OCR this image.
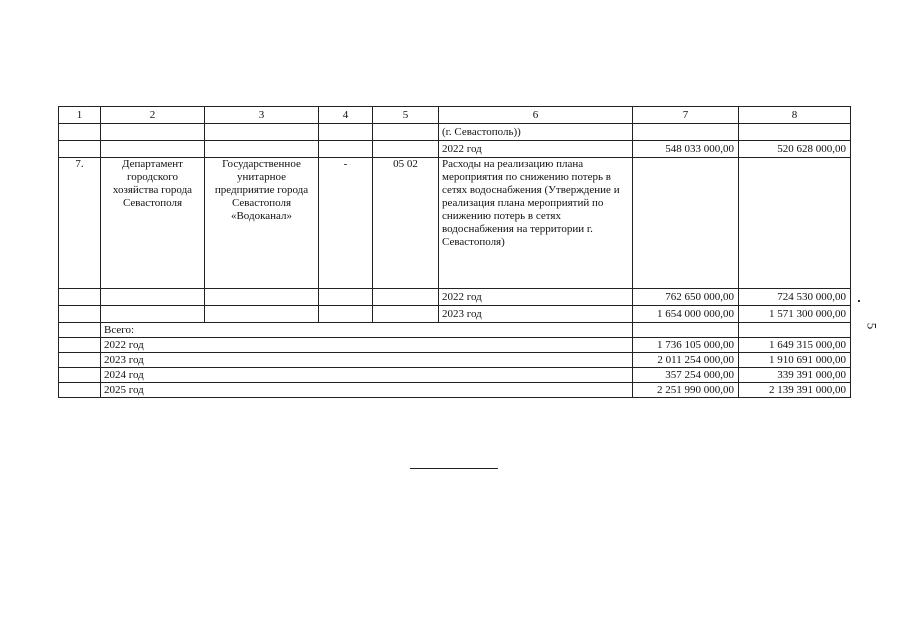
1	2	3	4	5	6	7	8
					(г. Севастополь))		
					2022 год	548 033 000,00	520 628 000,00
7.	Департамент городского хозяйства города Севастополя	Государственное унитарное предприятие города Севастополя «Водоканал»	-	05 02	Расходы на реализацию плана мероприятия по снижению потерь в сетях водоснабжения (Утверждение и реализация плана мероприятий по снижению потерь в сетях водоснабжения на территории г. Севастополя)		
					2022 год	762 650 000,00	724 530 000,00
					2023 год	1 654 000 000,00	1 571 300 000,00
	Всего:						
	2022 год					1 736 105 000,00	1 649 315 000,00
	2023 год					2 011 254 000,00	1 910 691 000,00
	2024 год					357 254 000,00	339 391 000,00
	2025 год					2 251 990 000,00	2 139 391 000,00
5
